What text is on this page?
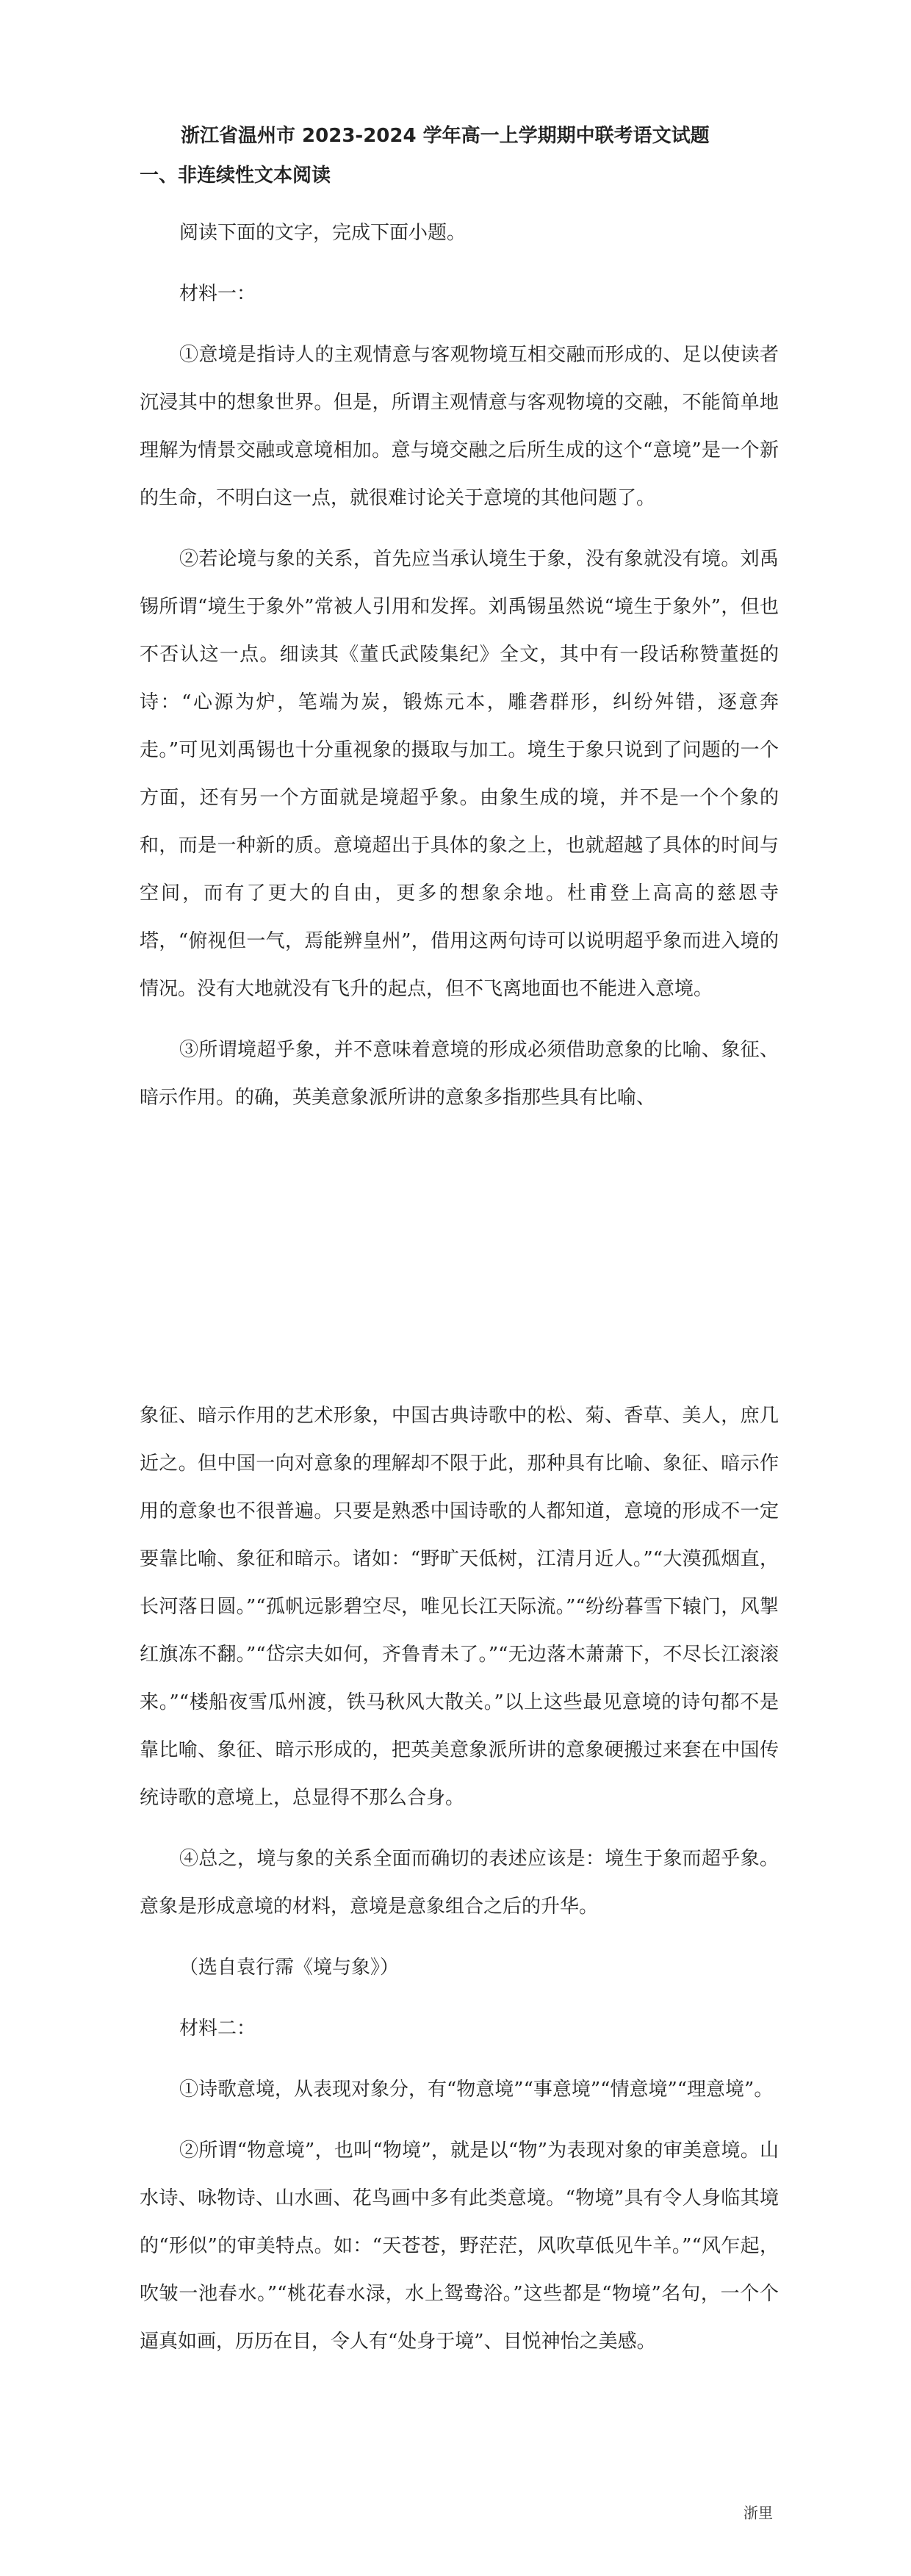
浙江省温州市 2023-2024 学年高一上学期期中联考语文试题
一、非连续性文本阅读

阅读下面的文字，完成下面小题。

材料一：

①意境是指诗人的主观情意与客观物境互相交融而形成的、足以使读者沉浸其中的想象世界。但是，所谓主观情意与客观物境的交融，不能简单地理解为情景交融或意境相加。意与境交融之后所生成的这个“意境”是一个新的生命，不明白这一点，就很难讨论关于意境的其他问题了。

②若论境与象的关系，首先应当承认境生于象，没有象就没有境。刘禹锡所谓“境生于象外”常被人引用和发挥。刘禹锡虽然说“境生于象外”，但也不否认这一点。细读其《董氏武陵集纪》全文，其中有一段话称赞董挺的诗：“心源为炉，笔端为炭，锻炼元本，雕砻群形，纠纷舛错，逐意奔走。”可见刘禹锡也十分重视象的摄取与加工。境生于象只说到了问题的一个方面，还有另一个方面就是境超乎象。由象生成的境，并不是一个个象的和，而是一种新的质。意境超出于具体的象之上，也就超越了具体的时间与空间，而有了更大的自由，更多的想象余地。杜甫登上高高的慈恩寺塔，“俯视但一气，焉能辨皇州”，借用这两句诗可以说明超乎象而进入境的情况。没有大地就没有飞升的起点，但不飞离地面也不能进入意境。

③所谓境超乎象，并不意味着意境的形成必须借助意象的比喻、象征、暗示作用。的确，英美意象派所讲的意象多指那些具有比喻、

象征、暗示作用的艺术形象，中国古典诗歌中的松、菊、香草、美人，庶几近之。但中国一向对意象的理解却不限于此，那种具有比喻、象征、暗示作用的意象也不很普遍。只要是熟悉中国诗歌的人都知道，意境的形成不一定要靠比喻、象征和暗示。诸如：“野旷天低树，江清月近人。”“大漠孤烟直，长河落日圆。”“孤帆远影碧空尽，唯见长江天际流。”“纷纷暮雪下辕门，风掣红旗冻不翻。”“岱宗夫如何，齐鲁青未了。”“无边落木萧萧下，不尽长江滚滚来。”“楼船夜雪瓜州渡，铁马秋风大散关。”以上这些最见意境的诗句都不是靠比喻、象征、暗示形成的，把英美意象派所讲的意象硬搬过来套在中国传统诗歌的意境上，总显得不那么合身。

④总之，境与象的关系全面而确切的表述应该是：境生于象而超乎象。意象是形成意境的材料，意境是意象组合之后的升华。

（选自袁行霈《境与象》）

材料二：

①诗歌意境，从表现对象分，有“物意境”“事意境”“情意境”“理意境”。

②所谓“物意境”，也叫“物境”，就是以“物”为表现对象的审美意境。山水诗、咏物诗、山水画、花鸟画中多有此类意境。“物境”具有令人身临其境的“形似”的审美特点。如：“天苍苍，野茫茫，风吹草低见牛羊。”“风乍起，吹皱一池春水。”“桃花春水渌，水上鸳鸯浴。”这些都是“物境”名句，一个个逼真如画，历历在目，令人有“处身于境”、目悦神怡之美感。

浙里
